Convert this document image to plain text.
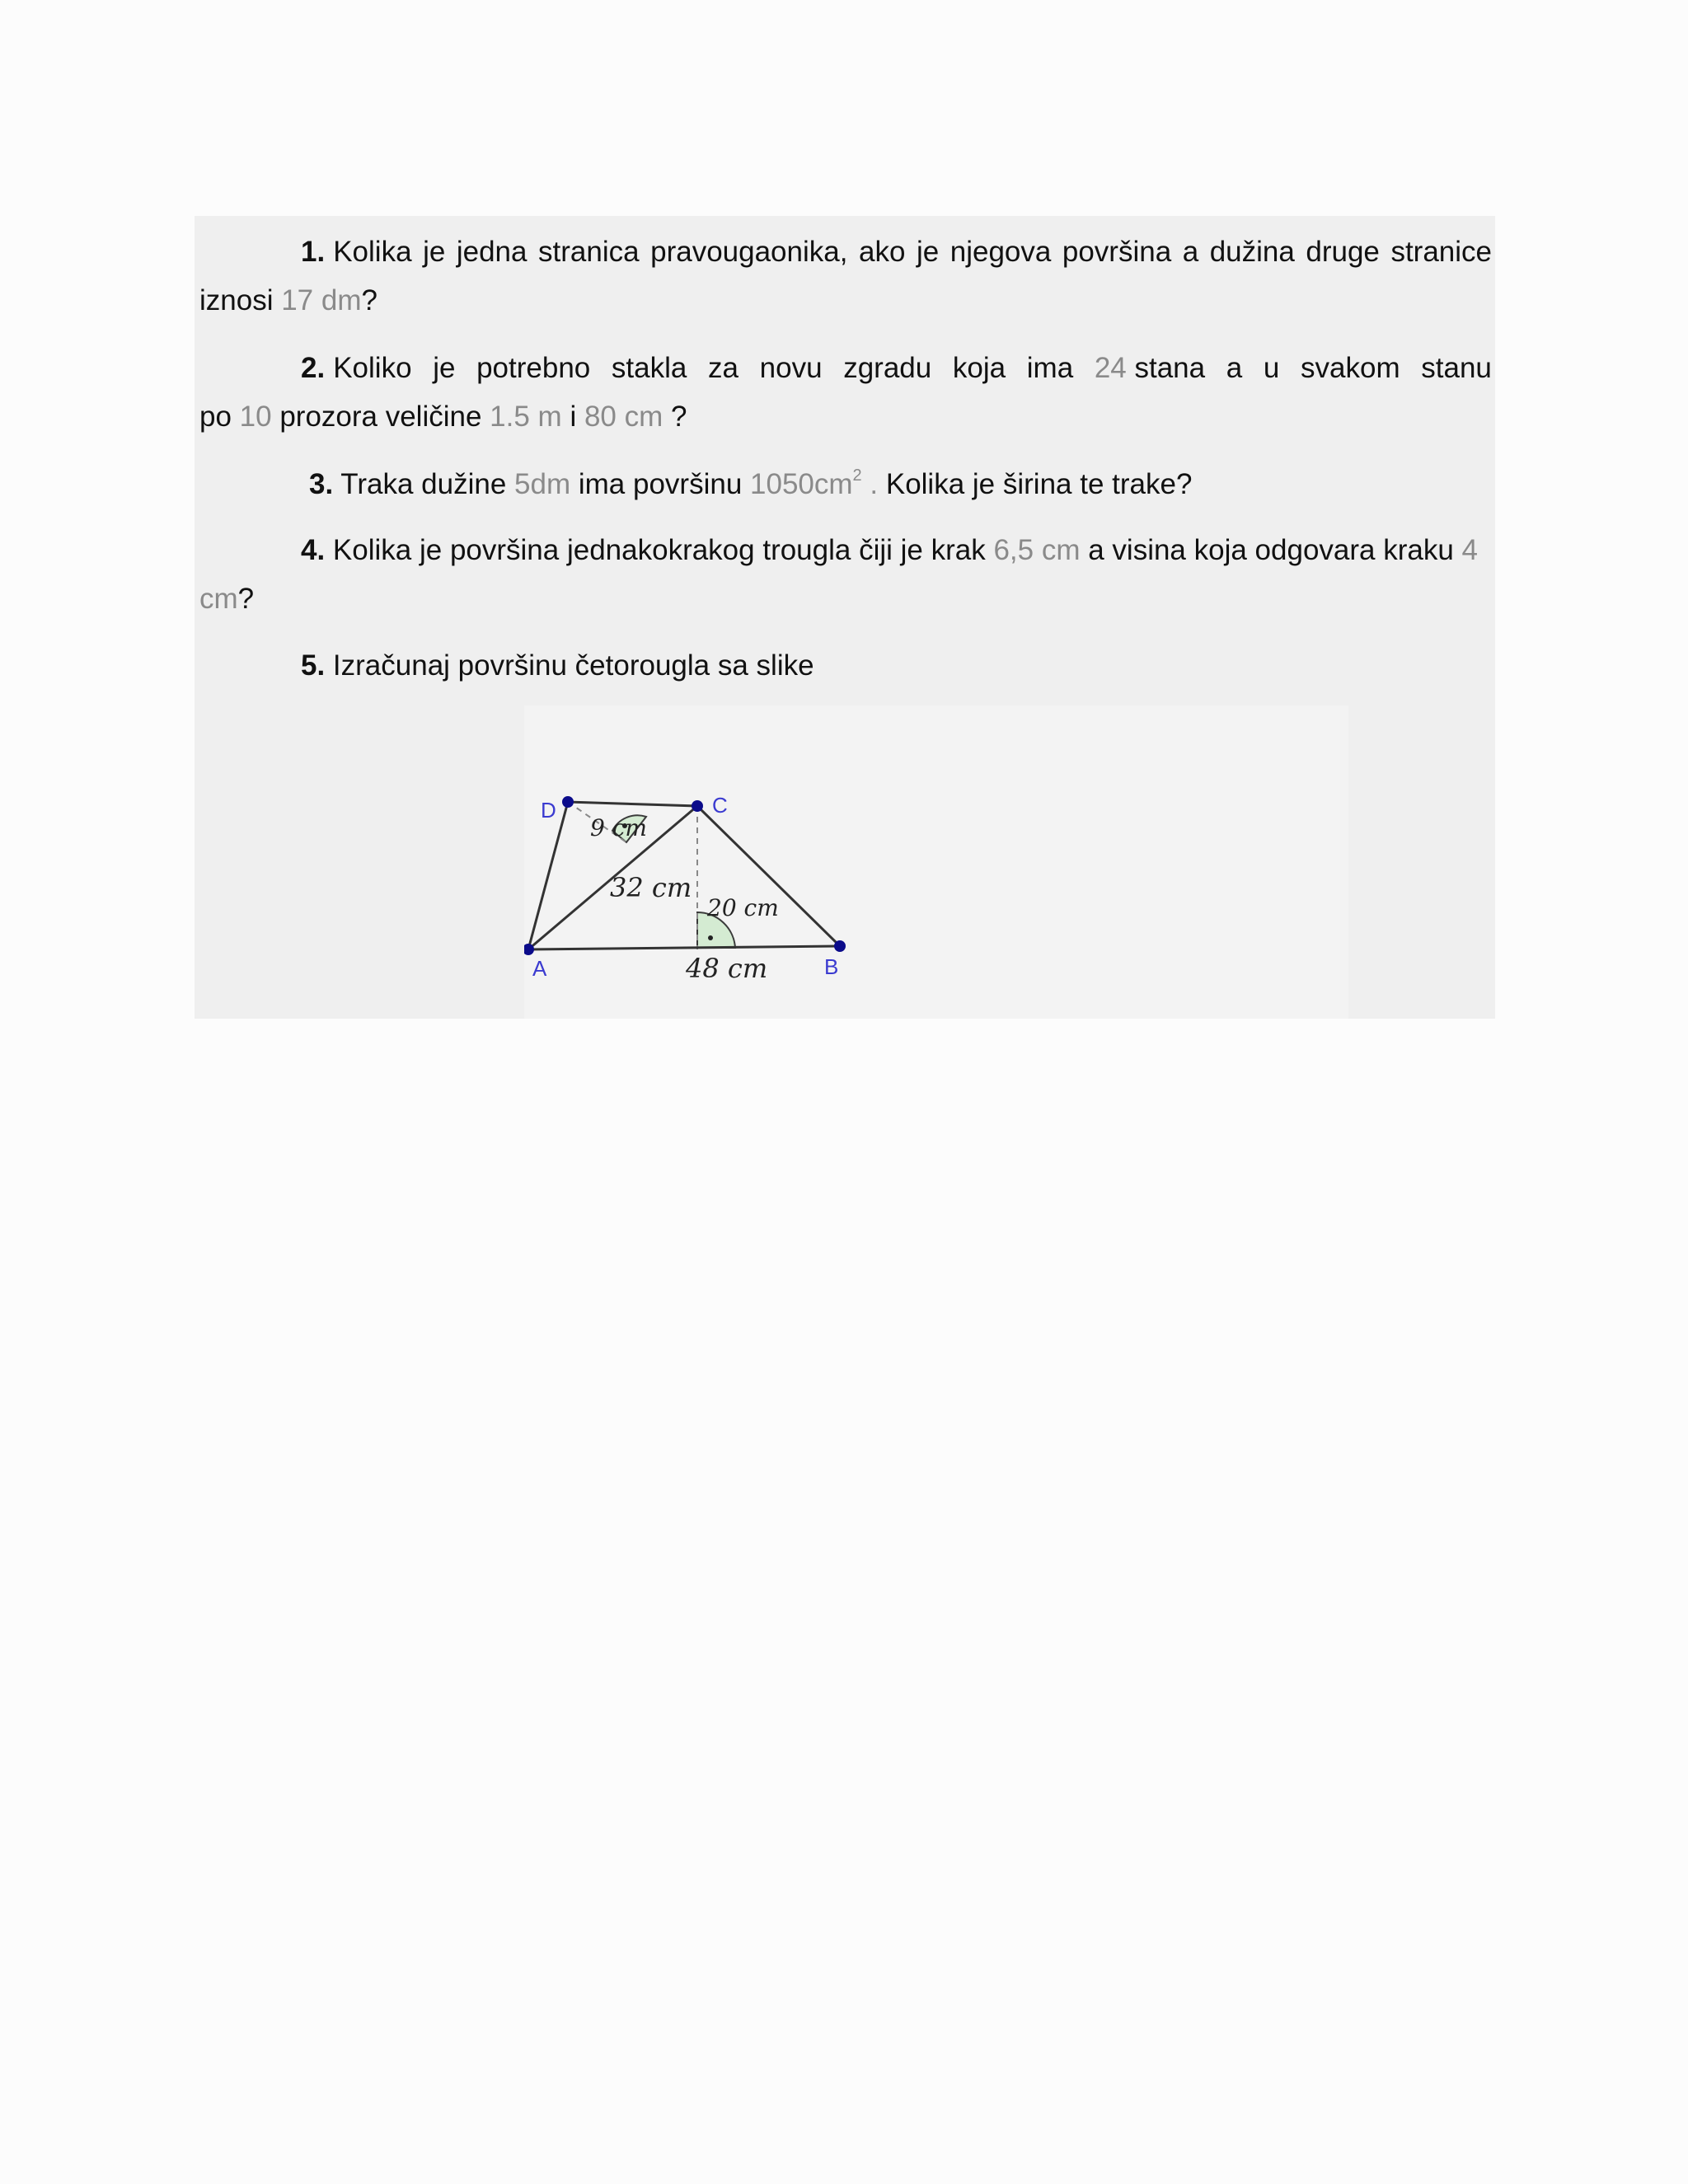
1. Kolika je jedna stranica pravougaonika, ako je njegova površina a dužina druge stranice
iznosi 17 dm?

2. Koliko je potrebno stakla za novu zgradu koja ima 24 stana a u svakom stanu
po 10 prozora veličine 1.5 m i 80 cm ?

3. Traka dužine 5dm ima površinu $1050cm^2$ . Kolika je širina te trake?

4. Kolika je površina jednakokrakog trougla čiji je krak 6,5 cm a visina koja odgovara kraku 4
cm?

5. Izračunaj površinu četorougla sa slike

A	B
C
D
9 cm
32 cm
20 cm
48 cm
